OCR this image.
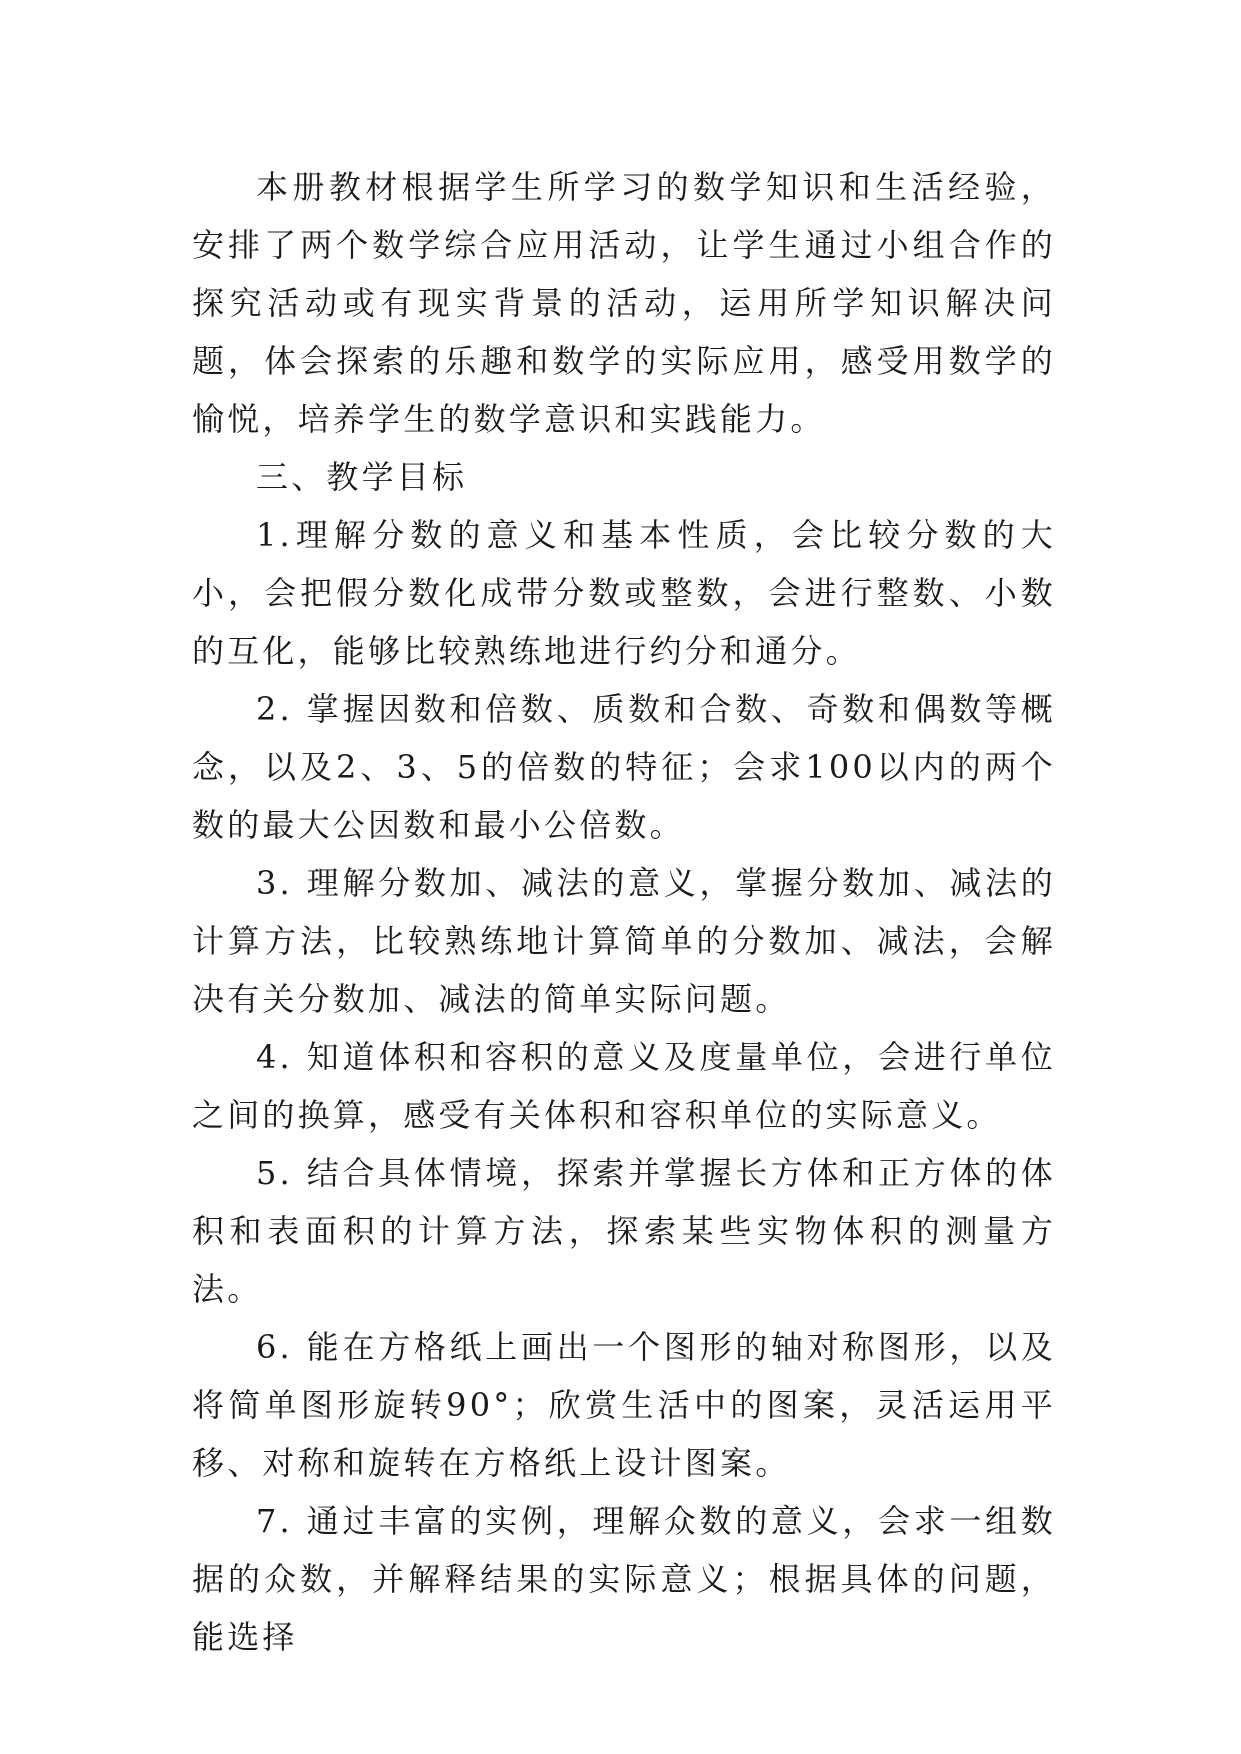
本册教材根据学生所学习的数学知识和生活经验，安排了两个数学综合应用活动，让学生通过小组合作的探究活动或有现实背景的活动，运用所学知识解决问题，体会探索的乐趣和数学的实际应用，感受用数学的愉悦，培养学生的数学意识和实践能力。

三、教学目标

1.理解分数的意义和基本性质，会比较分数的大小，会把假分数化成带分数或整数，会进行整数、小数的互化，能够比较熟练地进行约分和通分。

2. 掌握因数和倍数、质数和合数、奇数和偶数等概念，以及2、3、5的倍数的特征；会求100以内的两个数的最大公因数和最小公倍数。

3. 理解分数加、减法的意义，掌握分数加、减法的计算方法，比较熟练地计算简单的分数加、减法，会解决有关分数加、减法的简单实际问题。

4. 知道体积和容积的意义及度量单位，会进行单位之间的换算，感受有关体积和容积单位的实际意义。

5. 结合具体情境，探索并掌握长方体和正方体的体积和表面积的计算方法，探索某些实物体积的测量方法。

6. 能在方格纸上画出一个图形的轴对称图形，以及将简单图形旋转90°；欣赏生活中的图案，灵活运用平移、对称和旋转在方格纸上设计图案。

7. 通过丰富的实例，理解众数的意义，会求一组数据的众数，并解释结果的实际意义；根据具体的问题，能选择
